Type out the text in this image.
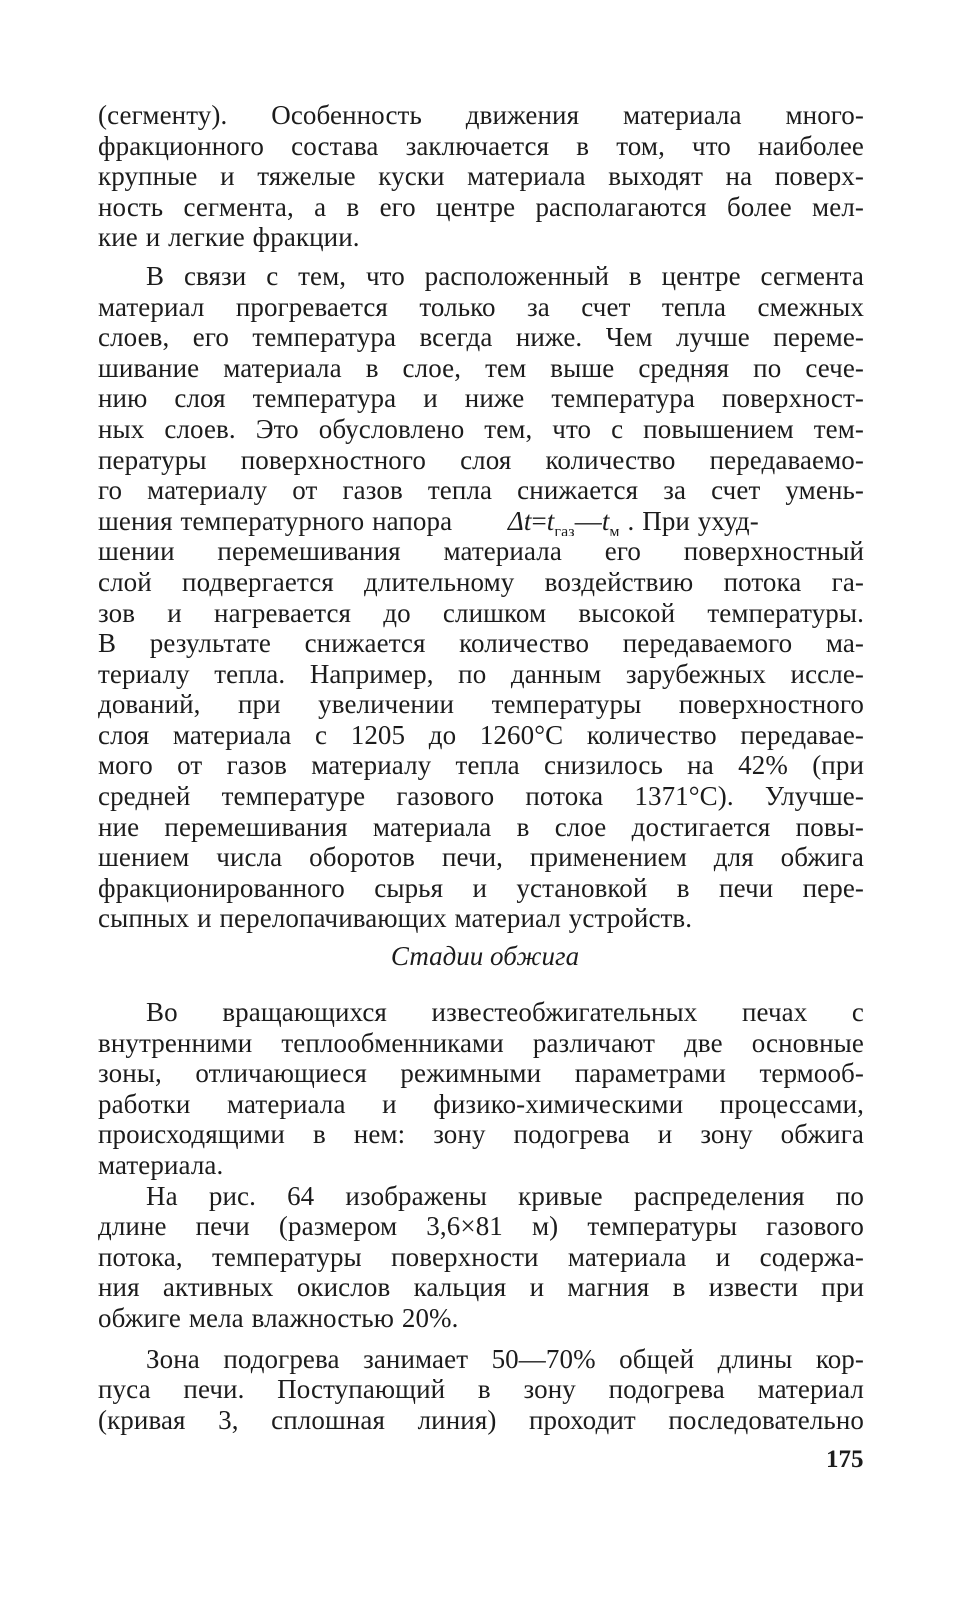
(сегменту). Особенность движения материала много-
фракционного состава заключается в том, что наиболее
крупные и тяжелые куски материала выходят на поверх-
ность сегмента, а в его центре располагаются более мел-
кие и легкие фракции.
В связи с тем, что расположенный в центре сегмента
материал прогревается только за счет тепла смежных
слоев, его температура всегда ниже. Чем лучше переме-
шивание материала в слое, тем выше средняя по сече-
нию слоя температура и ниже температура поверхност-
ных слоев. Это обусловлено тем, что с повышением тем-
пературы поверхностного слоя количество передаваемо-
го материалу от газов тепла снижается за счет умень-
шения температурного напора $\Delta t=t_{газ}—t_м$ . При ухуд-
шении перемешивания материала его поверхностный
слой подвергается длительному воздействию потока га-
зов и нагревается до слишком высокой температуры.
В результате снижается количество передаваемого ма-
териалу тепла. Например, по данным зарубежных иссле-
дований, при увеличении температуры поверхностного
слоя материала с 1205 до 1260°С количество передавае-
мого от газов материалу тепла снизилось на 42% (при
средней температуре газового потока 1371°С). Улучше-
ние перемешивания материала в слое достигается повы-
шением числа оборотов печи, применением для обжига
фракционированного сырья и установкой в печи пере-
сыпных и перелопачивающих материал устройств.
Стадии обжига
Во вращающихся известеобжигательных печах с
внутренними теплообменниками различают две основные
зоны, отличающиеся режимными параметрами термооб-
работки материала и физико-химическими процессами,
происходящими в нем: зону подогрева и зону обжига
материала.
На рис. 64 изображены кривые распределения по
длине печи (размером 3,6×81 м) температуры газового
потока, температуры поверхности материала и содержа-
ния активных окислов кальция и магния в извести при
обжиге мела влажностью 20%.
Зона подогрева занимает 50—70% общей длины кор-
пуса печи. Поступающий в зону подогрева материал
(кривая 3, сплошная линия) проходит последовательно
175
